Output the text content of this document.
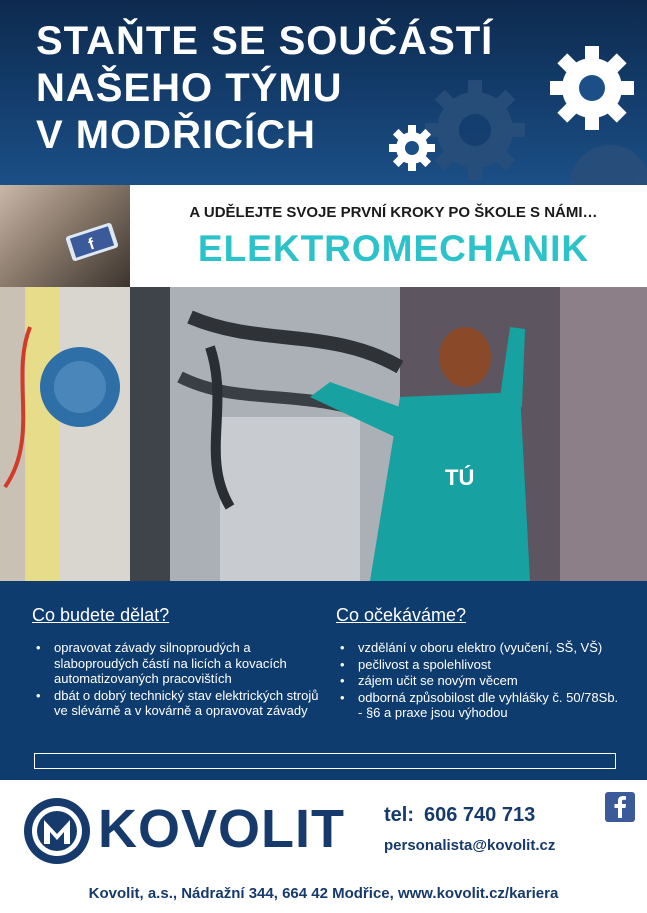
STAŇTE SE SOUČÁSTÍ
NAŠEHO TÝMU
V MODŘICÍCH
f
A UDĚLEJTE SVOJE PRVNÍ KROKY PO ŠKOLE S NÁMI…
ELEKTROMECHANIK
TÚ
Co budete dělat?
• opravovat závady silnoproudých a slaboproudých částí na licích a kovacích automatizovaných pracovištích
• dbát o dobrý technický stav elektrických strojů ve slévárně a v kovárně a opravovat závady
Co očekáváme?
• vzdělání v oboru elektro (vyučení, SŠ, VŠ)
• pečlivost a spolehlivost
• zájem učit se novým věcem
• odborná způsobilost dle vyhlášky č. 50/78Sb. - §6 a praxe jsou výhodou
KOVOLIT tel: 606 740 713
personalista@kovolit.cz
Kovolit, a.s., Nádražní 344, 664 42 Modřice, www.kovolit.cz/kariera
